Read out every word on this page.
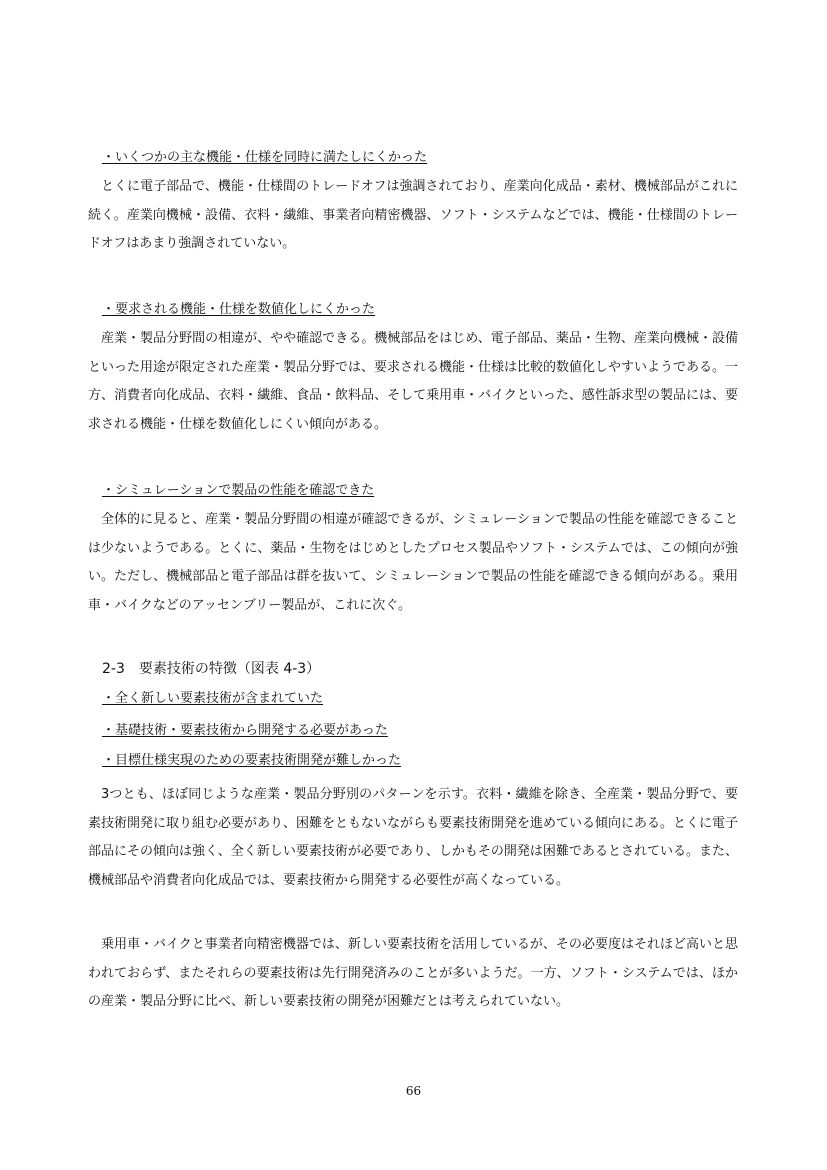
・いくつかの主な機能・仕様を同時に満たしにくかった

とくに電子部品で、機能・仕様間のトレードオフは強調されており、産業向化成品・素材、機械部品がこれに続く。産業向機械・設備、衣料・繊維、事業者向精密機器、ソフト・システムなどでは、機能・仕様間のトレードオフはあまり強調されていない。

・要求される機能・仕様を数値化しにくかった

産業・製品分野間の相違が、やや確認できる。機械部品をはじめ、電子部品、薬品・生物、産業向機械・設備といった用途が限定された産業・製品分野では、要求される機能・仕様は比較的数値化しやすいようである。一方、消費者向化成品、衣料・繊維、食品・飲料品、そして乗用車・バイクといった、感性訴求型の製品には、要求される機能・仕様を数値化しにくい傾向がある。

・シミュレーションで製品の性能を確認できた

全体的に見ると、産業・製品分野間の相違が確認できるが、シミュレーションで製品の性能を確認できることは少ないようである。とくに、薬品・生物をはじめとしたプロセス製品やソフト・システムでは、この傾向が強い。ただし、機械部品と電子部品は群を抜いて、シミュレーションで製品の性能を確認できる傾向がある。乗用車・バイクなどのアッセンブリー製品が、これに次ぐ。

2-3　要素技術の特徴（図表 4-3）
・全く新しい要素技術が含まれていた
・基礎技術・要素技術から開発する必要があった
・目標仕様実現のための要素技術開発が難しかった

3つとも、ほぼ同じような産業・製品分野別のパターンを示す。衣料・繊維を除き、全産業・製品分野で、要素技術開発に取り組む必要があり、困難をともないながらも要素技術開発を進めている傾向にある。とくに電子部品にその傾向は強く、全く新しい要素技術が必要であり、しかもその開発は困難であるとされている。また、機械部品や消費者向化成品では、要素技術から開発する必要性が高くなっている。

乗用車・バイクと事業者向精密機器では、新しい要素技術を活用しているが、その必要度はそれほど高いと思われておらず、またそれらの要素技術は先行開発済みのことが多いようだ。一方、ソフト・システムでは、ほかの産業・製品分野に比べ、新しい要素技術の開発が困難だとは考えられていない。

66
